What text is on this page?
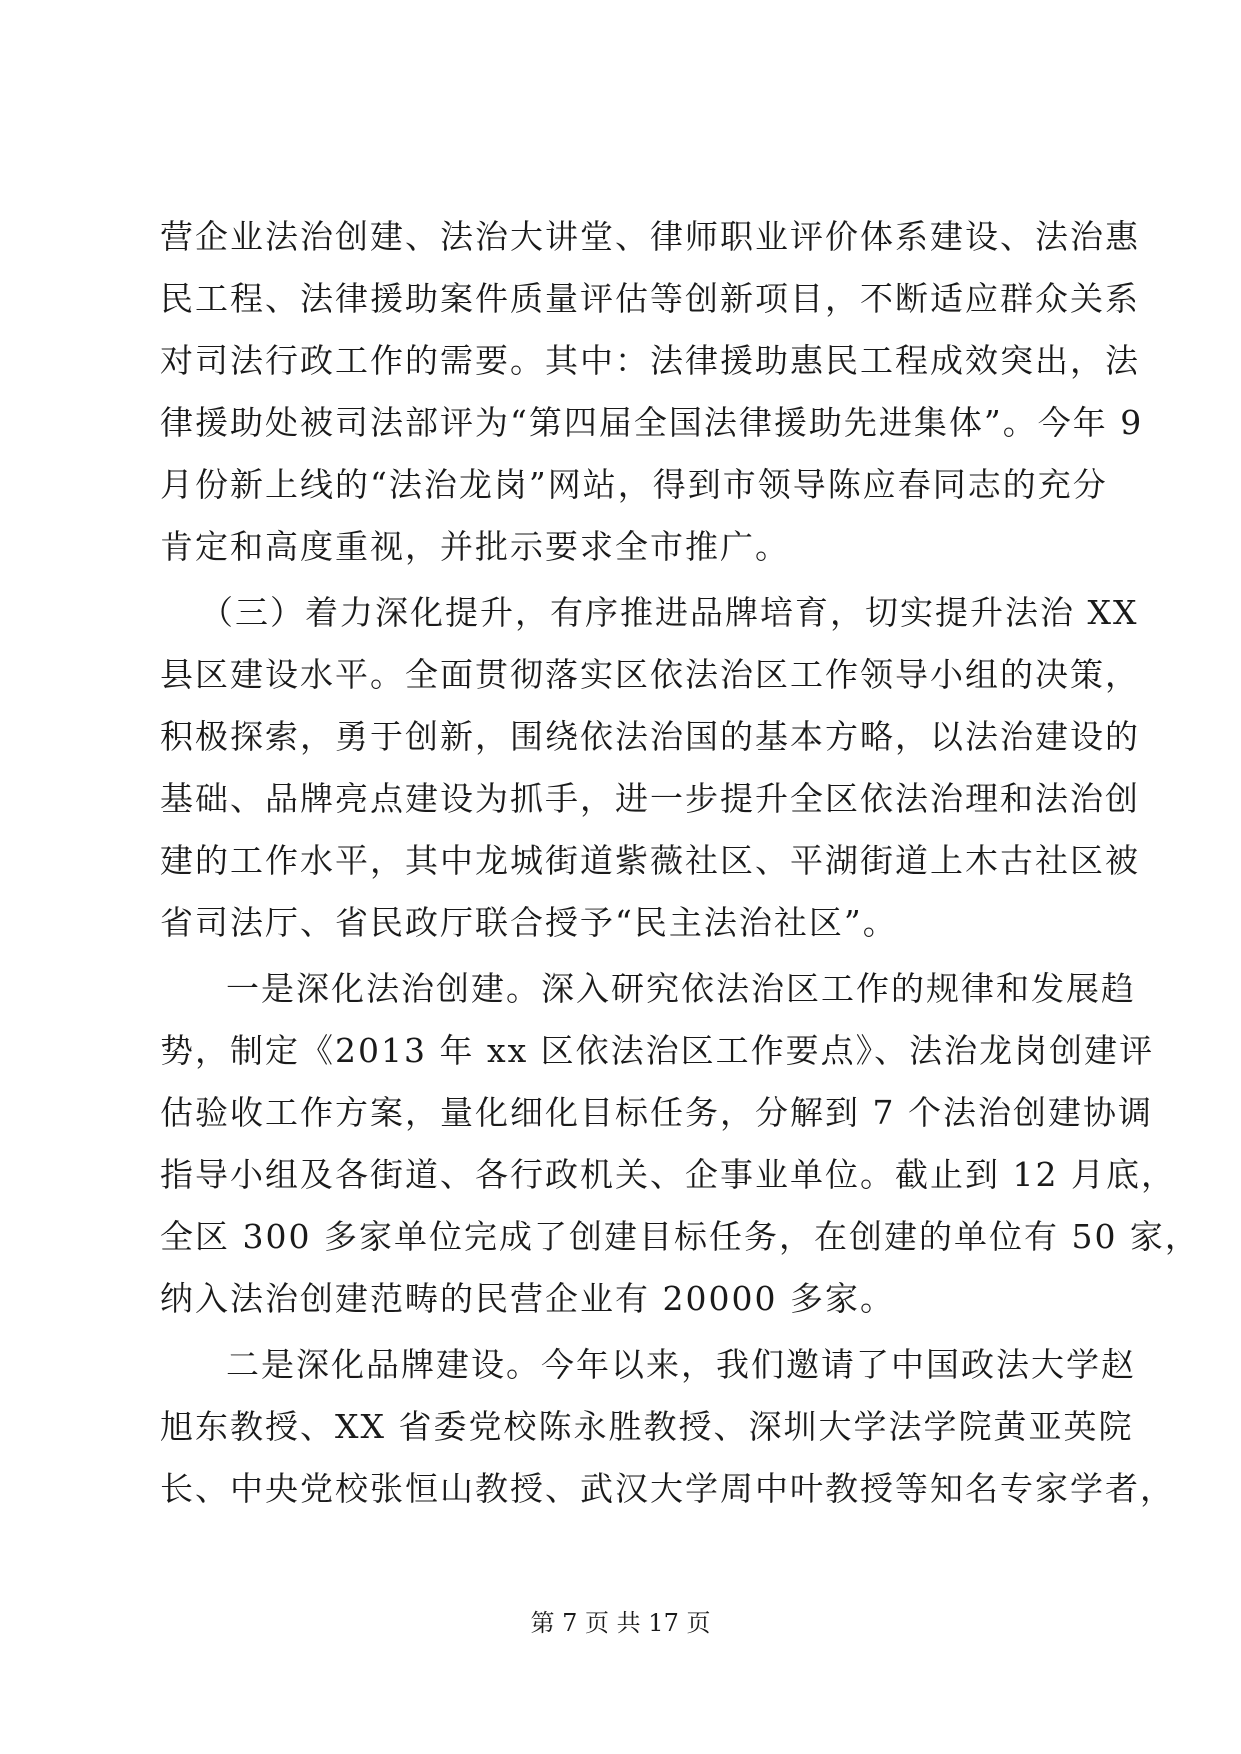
营企业法治创建、法治大讲堂、律师职业评价体系建设、法治惠
民工程、法律援助案件质量评估等创新项目，不断适应群众关系
对司法行政工作的需要。其中：法律援助惠民工程成效突出，法
律援助处被司法部评为“第四届全国法律援助先进集体”。今年 9
月份新上线的“法治龙岗”网站，得到市领导陈应春同志的充分
肯定和高度重视，并批示要求全市推广。
（三）着力深化提升，有序推进品牌培育，切实提升法治 XX
县区建设水平。全面贯彻落实区依法治区工作领导小组的决策，
积极探索，勇于创新，围绕依法治国的基本方略，以法治建设的
基础、品牌亮点建设为抓手，进一步提升全区依法治理和法治创
建的工作水平，其中龙城街道紫薇社区、平湖街道上木古社区被
省司法厅、省民政厅联合授予“民主法治社区”。
一是深化法治创建。深入研究依法治区工作的规律和发展趋
势，制定《2013 年 xx 区依法治区工作要点》、法治龙岗创建评
估验收工作方案，量化细化目标任务，分解到 7 个法治创建协调
指导小组及各街道、各行政机关、企事业单位。截止到 12 月底，
全区 300 多家单位完成了创建目标任务，在创建的单位有 50 家，
纳入法治创建范畴的民营企业有 20000 多家。
二是深化品牌建设。今年以来，我们邀请了中国政法大学赵
旭东教授、XX 省委党校陈永胜教授、深圳大学法学院黄亚英院
长、中央党校张恒山教授、武汉大学周中叶教授等知名专家学者，
第 7 页 共 17 页
